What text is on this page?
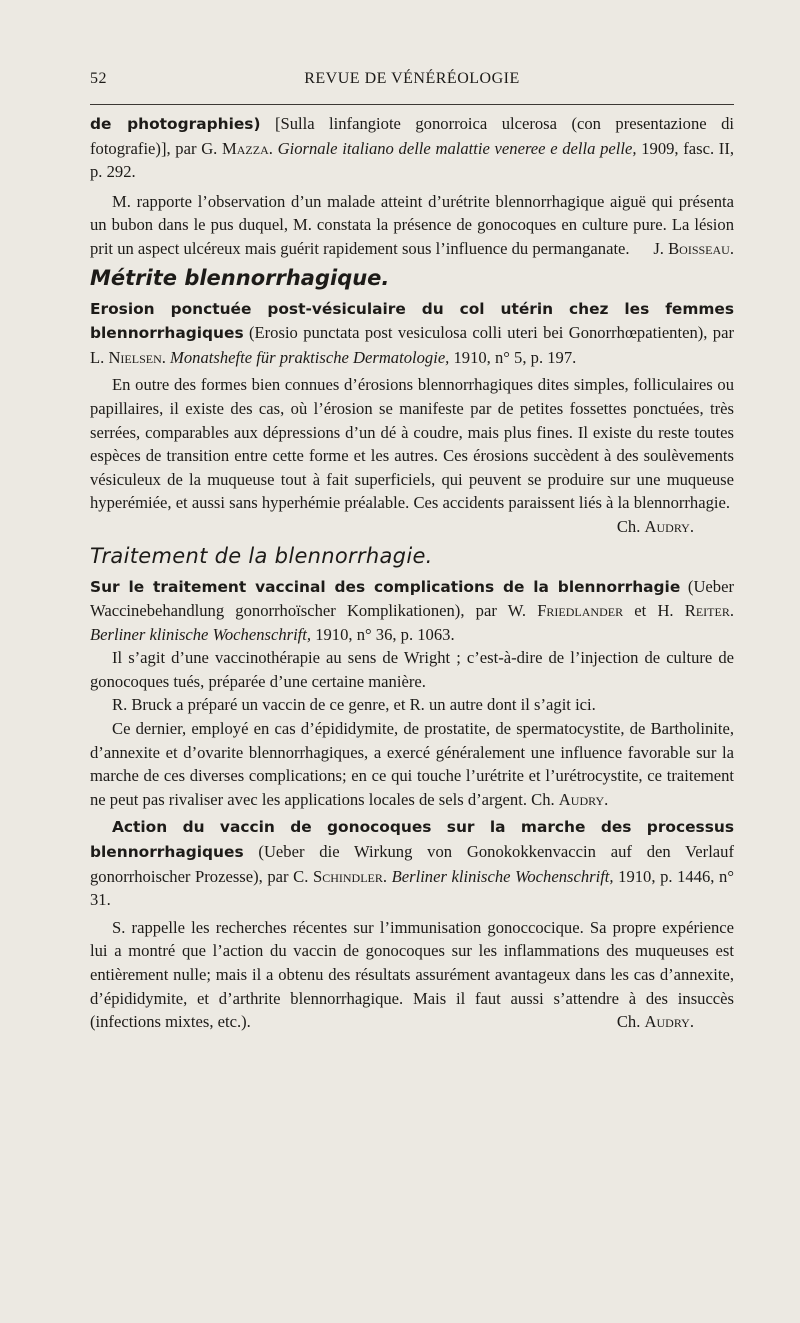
52	REVUE DE VÉNÉRÉOLOGIE

de photographies) [Sulla linfangiote gonorroica ulcerosa (con presentazione di fotografie)], par G. Mazza. Giornale italiano delle malattie veneree e della pelle, 1909, fasc. II, p. 292.

M. rapporte l’observation d’un malade atteint d’urétrite blennorrhagique aiguë qui présenta un bubon dans le pus duquel, M. constata la présence de gonocoques en culture pure. La lésion prit un aspect ulcéreux mais guérit rapidement sous l’influence du permanganate.	J. Boisseau.

Métrite blennorrhagique.

Erosion ponctuée post-vésiculaire du col utérin chez les femmes blennorrhagiques (Erosio punctata post vesiculosa colli uteri bei Gonorrhœpatienten), par L. Nielsen. Monatshefte für praktische Dermatologie, 1910, n° 5, p. 197.

En outre des formes bien connues d’érosions blennorrhagiques dites simples, folliculaires ou papillaires, il existe des cas, où l’érosion se manifeste par de petites fossettes ponctuées, très serrées, comparables aux dépressions d’un dé à coudre, mais plus fines. Il existe du reste toutes espèces de transition entre cette forme et les autres. Ces érosions succèdent à des soulèvements vésiculeux de la muqueuse tout à fait superficiels, qui peuvent se produire sur une muqueuse hyperémiée, et aussi sans hyperhémie préalable. Ces accidents paraissent liés à la blennorrhagie.

Ch. Audry.

Traitement de la blennorrhagie.

Sur le traitement vaccinal des complications de la blennorrhagie (Ueber Waccinebehandlung gonorrhoïscher Komplikationen), par W. Friedlander et H. Reiter. Berliner klinische Wochenschrift, 1910, n° 36, p. 1063.

Il s’agit d’une vaccinothérapie au sens de Wright ; c’est-à-dire de l’injection de culture de gonocoques tués, préparée d’une certaine manière.

R. Bruck a préparé un vaccin de ce genre, et R. un autre dont il s’agit ici.

Ce dernier, employé en cas d’épididymite, de prostatite, de spermatocystite, de Bartholinite, d’annexite et d’ovarite blennorrhagiques, a exercé généralement une influence favorable sur la marche de ces diverses complications; en ce qui touche l’urétrite et l’urétrocystite, ce traitement ne peut pas rivaliser avec les applications locales de sels d’argent. Ch. Audry.

Action du vaccin de gonocoques sur la marche des processus blennorrhagiques (Ueber die Wirkung von Gonokokkenvaccin auf den Verlauf gonorrhoischer Prozesse), par C. Schindler. Berliner klinische Wochenschrift, 1910, p. 1446, n° 31.

S. rappelle les recherches récentes sur l’immunisation gonoccocique. Sa propre expérience lui a montré que l’action du vaccin de gonocoques sur les inflammations des muqueuses est entièrement nulle; mais il a obtenu des résultats assurément avantageux dans les cas d’annexite, d’épididymite, et d’arthrite blennorrhagique. Mais il faut aussi s’attendre à des insuccès (infections mixtes, etc.).	Ch. Audry.
